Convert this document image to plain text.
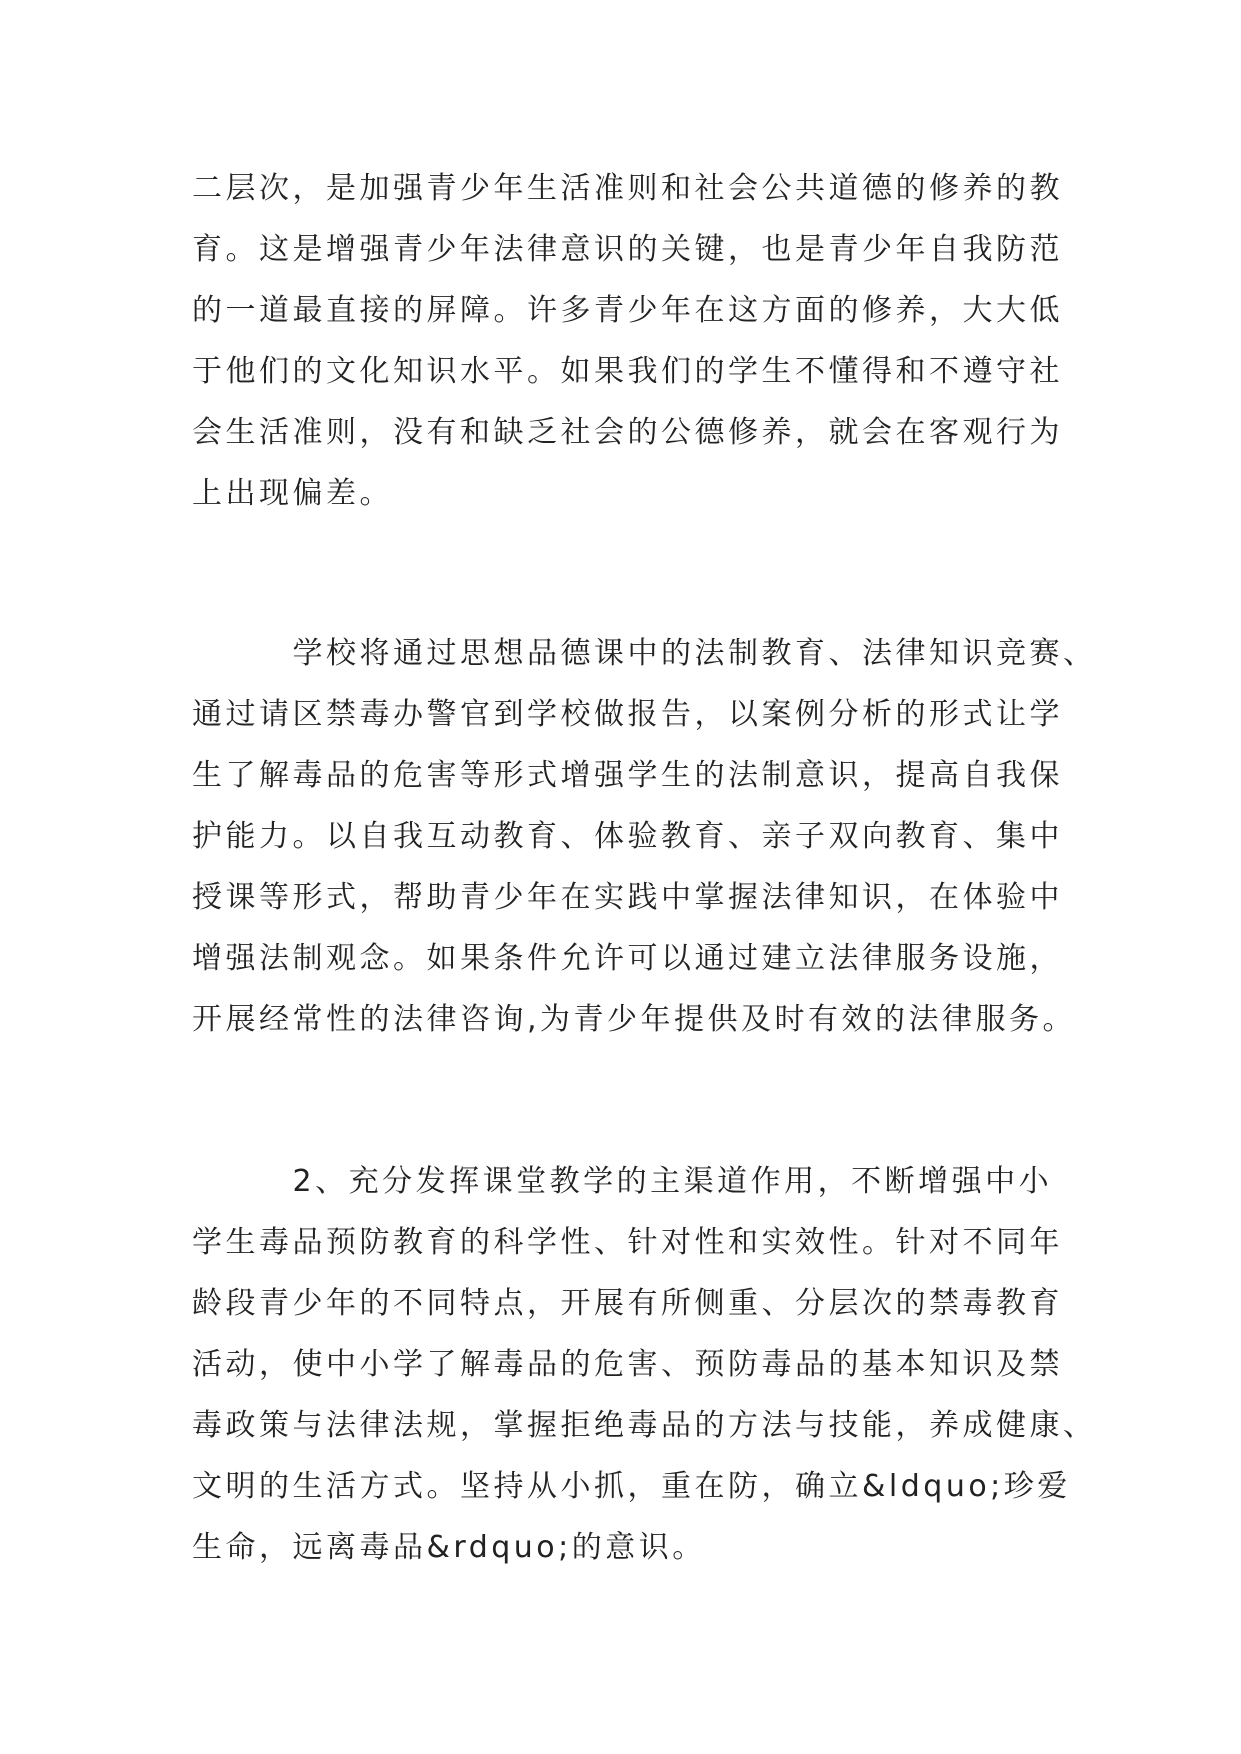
二层次，是加强青少年生活准则和社会公共道德的修养的教
育。这是增强青少年法律意识的关键，也是青少年自我防范
的一道最直接的屏障。许多青少年在这方面的修养，大大低
于他们的文化知识水平。如果我们的学生不懂得和不遵守社
会生活准则，没有和缺乏社会的公德修养，就会在客观行为
上出现偏差。
　　　学校将通过思想品德课中的法制教育、法律知识竞赛、
通过请区禁毒办警官到学校做报告，以案例分析的形式让学
生了解毒品的危害等形式增强学生的法制意识，提高自我保
护能力。以自我互动教育、体验教育、亲子双向教育、集中
授课等形式，帮助青少年在实践中掌握法律知识，在体验中
增强法制观念。如果条件允许可以通过建立法律服务设施，
开展经常性的法律咨询,为青少年提供及时有效的法律服务。
　　　2、充分发挥课堂教学的主渠道作用，不断增强中小
学生毒品预防教育的科学性、针对性和实效性。针对不同年
龄段青少年的不同特点，开展有所侧重、分层次的禁毒教育
活动，使中小学了解毒品的危害、预防毒品的基本知识及禁
毒政策与法律法规，掌握拒绝毒品的方法与技能，养成健康、
文明的生活方式。坚持从小抓，重在防，确立&ldquo;珍爱
生命，远离毒品&rdquo;的意识。
